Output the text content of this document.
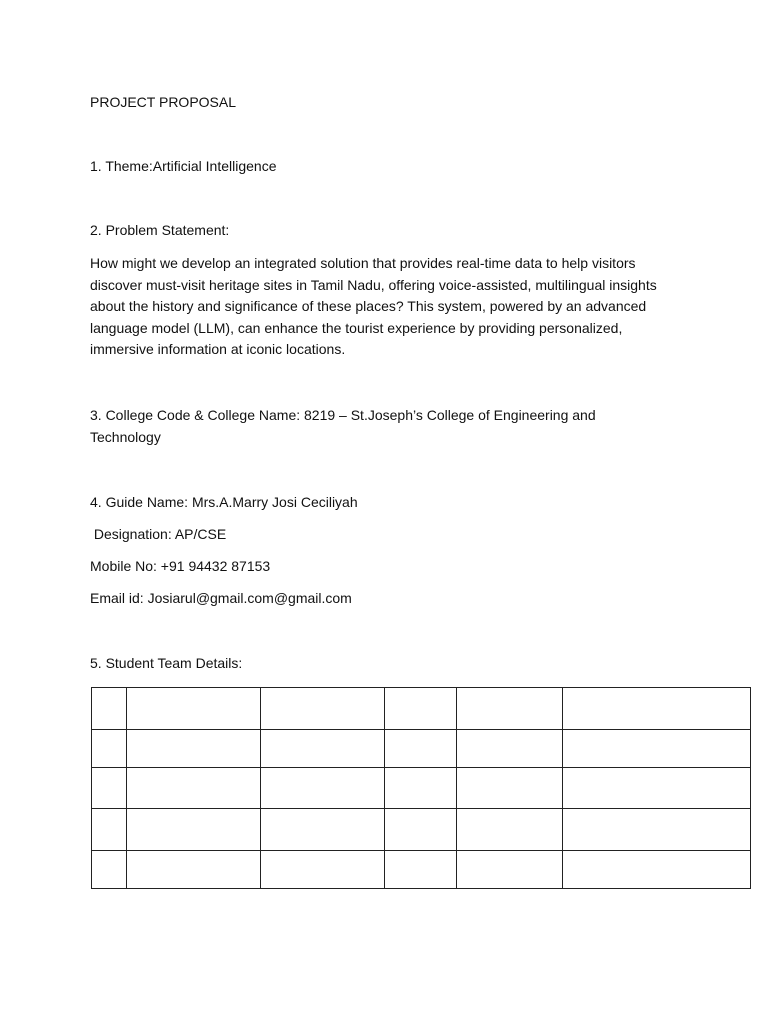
PROJECT PROPOSAL
1. Theme:Artificial Intelligence
2. Problem Statement:
How might we develop an integrated solution that provides real-time data to help visitors discover must-visit heritage sites in Tamil Nadu, offering voice-assisted, multilingual insights about the history and significance of these places? This system, powered by an advanced language model (LLM), can enhance the tourist experience by providing personalized, immersive information at iconic locations.
3. College Code & College Name: 8219 – St.Joseph’s College of Engineering and Technology
4. Guide Name: Mrs.A.Marry Josi Ceciliyah
Designation: AP/CSE
Mobile No: +91 94432 87153
Email id: Josiarul@gmail.com@gmail.com
5. Student Team Details:
